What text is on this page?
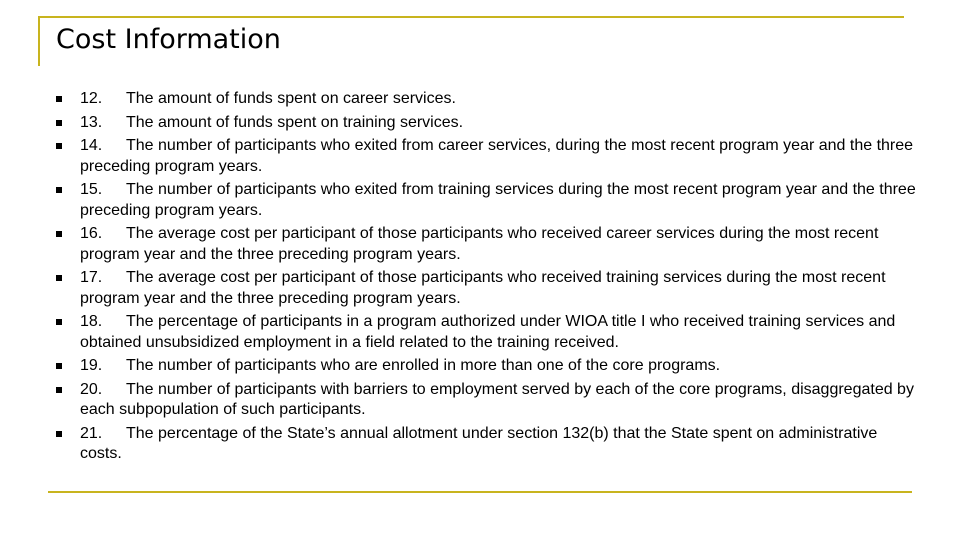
Cost Information
12. The amount of funds spent on career services.
13. The amount of funds spent on training services.
14. The number of participants who exited from career services, during the most recent program year and the three preceding program years.
15. The number of participants who exited from training services during the most recent program year and the three preceding program years.
16. The average cost per participant of those participants who received career services during the most recent program year and the three preceding program years.
17. The average cost per participant of those participants who received training services during the most recent program year and the three preceding program years.
18. The percentage of participants in a program authorized under WIOA title I who received training services and obtained unsubsidized employment in a field related to the training received.
19. The number of participants who are enrolled in more than one of the core programs.
20. The number of participants with barriers to employment served by each of the core programs, disaggregated by each subpopulation of such participants.
21. The percentage of the State’s annual allotment under section 132(b) that the State spent on administrative costs.
